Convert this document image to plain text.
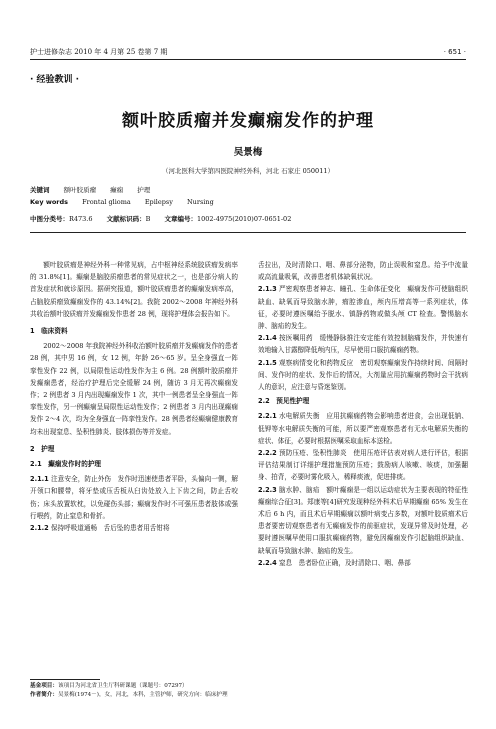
护士进修杂志 2010 年 4 月第 25 卷第 7 期	· 651 ·
· 经验教训 ·
额叶胶质瘤并发癫痫发作的护理
吴景梅
（河北医科大学第四医院神经外科，河北 石家庄 050011）
关键词 额叶胶质瘤 癫痫 护理
Key words Frontal glioma Epilepsy Nursing
中图分类号：R473.6 文献标识码：B 文章编号：1002-4975(2010)07-0651-02

额叶胶质瘤是神经外科一种常见病，占中枢神经系统胶质瘤发病率的 31.8%[1]。癫痫是脑胶质瘤患者的常见症状之一，也是部分病人的首发症状和就诊原因。据研究报道，额叶胶质瘤患者的癫痫发病率高，占脑胶质瘤致癫痫发作的 43.14%[2]。我院 2002～2008 年神经外科共收治额叶胶质瘤并发癫痫发作患者 28 例，现将护理体会报告如下。

1　临床资料

2002～2008 年我院神经外科收治额叶胶质瘤并发癫痫发作的患者 28 例，其中男 16 例，女 12 例，年龄 26～65 岁。呈全身强直一阵挛性发作 22 例，以局限性运动性发作为主 6 例。28 例额叶胶质瘤并发癫痫患者，经治疗护理后完全缓解 24 例，随访 3 月无再次癫痫发作；2 例患者 3 月内出现癫痫发作 1 次，其中一例患者呈全身强直一阵挛性发作，另一例癫痫呈局限性运动性发作；2 例患者 3 月内出现癫痫发作 2～4 次，均为全身强直一阵挛性发作。28 例患者经癫痫健康教育均未出现窒息、坠积性肺炎、肢体损伤等并发症。

2　护理
2.1　癫痫发作时的护理

2.1.1 注意安全，防止外伤　发作时迅速使患者平卧，头偏向一侧，解开领口和腰带，将牙垫或压舌板从臼齿处放入上下齿之间，防止舌咬伤；床头放置软枕，以免碰伤头部；癫痫发作时不可强压患者肢体或强行喂药，防止窒息和骨折。

2.1.2 保持呼吸道通畅　舌后坠的患者用舌钳将

舌拉出，及时清除口、咽、鼻部分泌物，防止误吸和窒息。给予中流量或高流量吸氧，改善患者机体缺氧状况。

2.1.3 严密观察患者神志、瞳孔、生命体征变化　癫痫发作可使脑组织缺血、缺氧而导致脑水肿，瘤腔渗血，颅内压增高等一系列症状，体征，必要时遵医嘱给予脱水、镇静药物或做头颅 CT 检查。警惕脑水肿、脑疝的发生。

2.1.4 按医嘱用药　缓慢静脉推注安定能有效控制脑痛发作，并快速有效地输入甘露醇降低颅内压，尽早使用口服抗癫痫药物。

2.1.5 观察病情变化和药物反应　密切观察癫痫发作持续时间、间隔时间、发作时的症状、发作后的情况，大剂量应用抗癫痫药物时会干扰病人的意识，应注意与昏迷鉴别。

2.2　预见性护理

2.2.1 水电解质失衡　应用抗癫痫药物会影响患者进食，会出现低钠、低钾等水电解质失衡的可能，所以要严密观察患者有无水电解质失衡的症状、体征，必要时根据医嘱采取血标本送检。

2.2.2 预防压疮、坠积性肺炎　使用压疮评估表对病人进行评估，根据评估结果制订详细护理措施预防压疮；鼓励病人咳嗽、咳痰，加强翻身、拍背，必要时雾化吸入，稀释痰液，促进排痰。

2.2.3 脑水肿、脑疝　额叶癫痫是一组以运动症状为主要表现的特征性癫痫综合征[3]。郑康等[4]研究发现种经外科术后早期癫痫 65% 发生在术后 6 h 内，而且术后早期癫痫以额叶病变占多数，对额叶胶质瘤术后患者要密切观察患者有无癫痫发作的前驱症状，发现异常及时处理，必要时遵医嘱早使用口服抗癫痫药物，避免因癫痫发作引起脑组织缺血、缺氧而导致脑水肿、脑疝的发生。

2.2.4 窒息　患者卧位正确，及时清除口、咽、鼻部

基金项目：该项目为河北省卫生厅科研课题（课题号：07297）
作者简介：吴景梅(1974－)，女，河北，本科，主管护师，研究方向：临床护理
